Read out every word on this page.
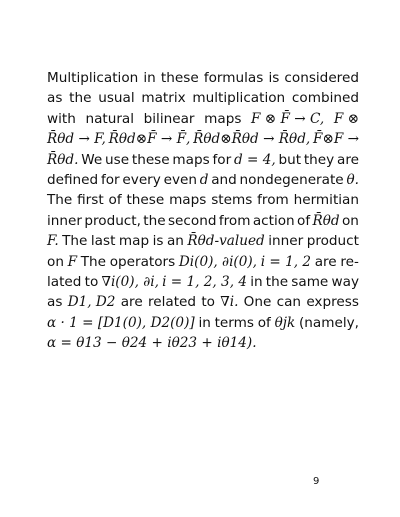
Multiplication in these formulas is considered
as the usual matrix multiplication combined
with natural bilinear maps F ⊗ F̄ → C, F ⊗
R̄θd → F, R̄θd⊗F̄ → F̄, R̄θd⊗R̄θd → R̄θd, F̄⊗F →
R̄θd. We use these maps for d = 4, but they are
defined for every even d and nondegenerate θ.
The first of these maps stems from hermitian
inner product, the second from action of R̄θd on
F. The last map is an R̄θd-valued inner product
on F The operators Di(0), ∂i(0), i = 1, 2 are re-
lated to ∇i(0), ∂i, i = 1, 2, 3, 4 in the same way
as D1, D2 are related to ∇i. One can express
α · 1 = [D1(0), D2(0)] in terms of θjk (namely,
α = θ13 − θ24 + iθ23 + iθ14).
9
